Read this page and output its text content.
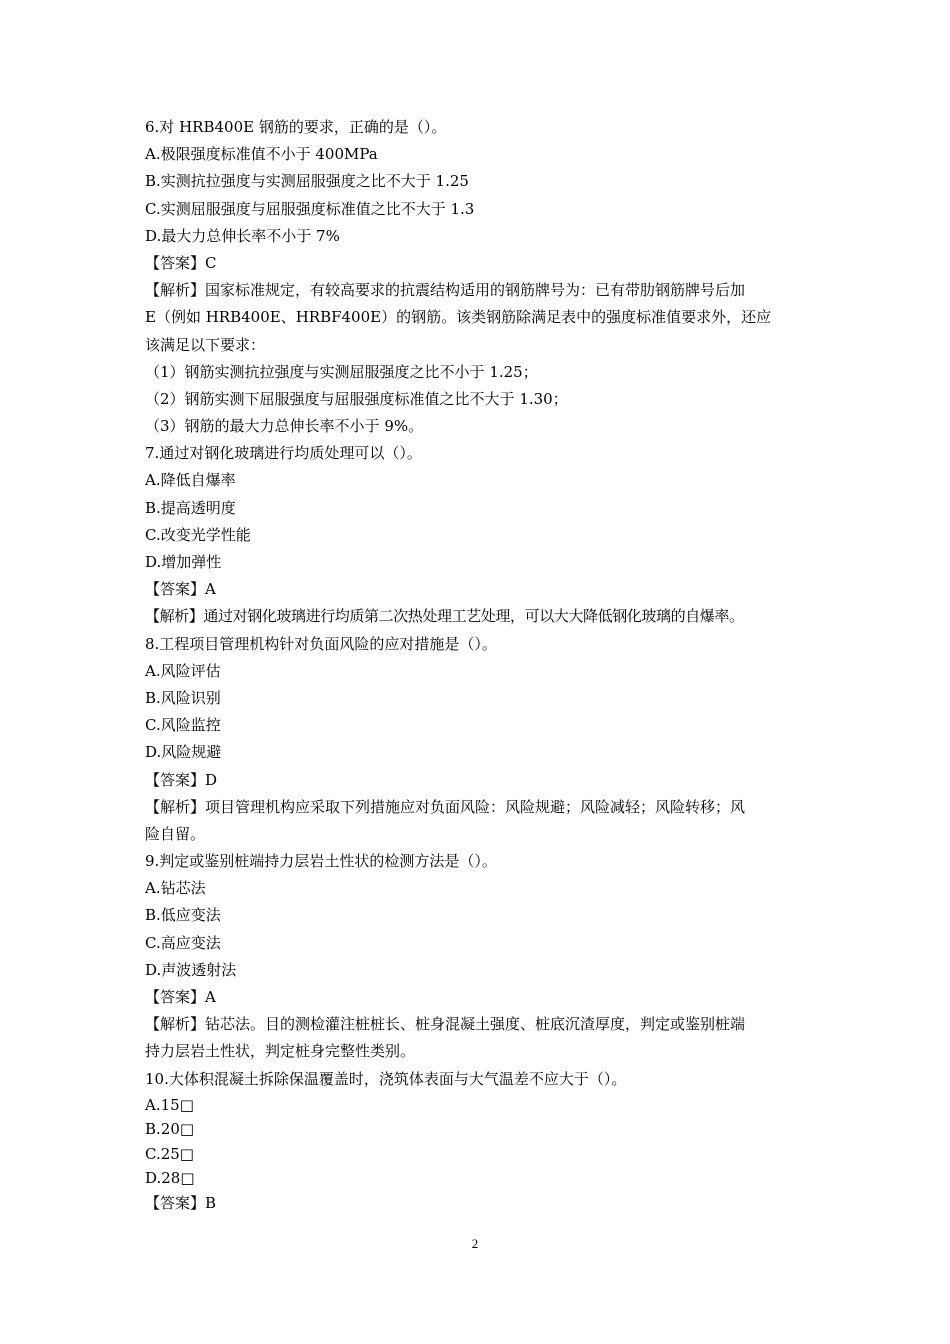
6.对 HRB400E 钢筋的要求，正确的是（）。
A.极限强度标准值不小于 400MPa
B.实测抗拉强度与实测屈服强度之比不大于 1.25
C.实测屈服强度与屈服强度标准值之比不大于 1.3
D.最大力总伸长率不小于 7%
【答案】C
【解析】国家标准规定，有较高要求的抗震结构适用的钢筋牌号为：已有带肋钢筋牌号后加
E（例如 HRB400E、HRBF400E）的钢筋。该类钢筋除满足表中的强度标准值要求外，还应
该满足以下要求：
（1）钢筋实测抗拉强度与实测屈服强度之比不小于 1.25；
（2）钢筋实测下屈服强度与屈服强度标准值之比不大于 1.30；
（3）钢筋的最大力总伸长率不小于 9%。
7.通过对钢化玻璃进行均质处理可以（）。
A.降低自爆率
B.提高透明度
C.改变光学性能
D.增加弹性
【答案】A
【解析】通过对钢化玻璃进行均质第二次热处理工艺处理，可以大大降低钢化玻璃的自爆率。
8.工程项目管理机构针对负面风险的应对措施是（）。
A.风险评估
B.风险识别
C.风险监控
D.风险规避
【答案】D
【解析】项目管理机构应采取下列措施应对负面风险：风险规避；风险减轻；风险转移；风
险自留。
9.判定或鉴别桩端持力层岩土性状的检测方法是（）。
A.钻芯法
B.低应变法
C.高应变法
D.声波透射法
【答案】A
【解析】钻芯法。目的测检灌注桩桩长、桩身混凝土强度、桩底沉渣厚度，判定或鉴别桩端
持力层岩土性状，判定桩身完整性类别。
10.大体积混凝土拆除保温覆盖时，浇筑体表面与大气温差不应大于（）。
A.15□
B.20□
C.25□
D.28□
【答案】B
2
